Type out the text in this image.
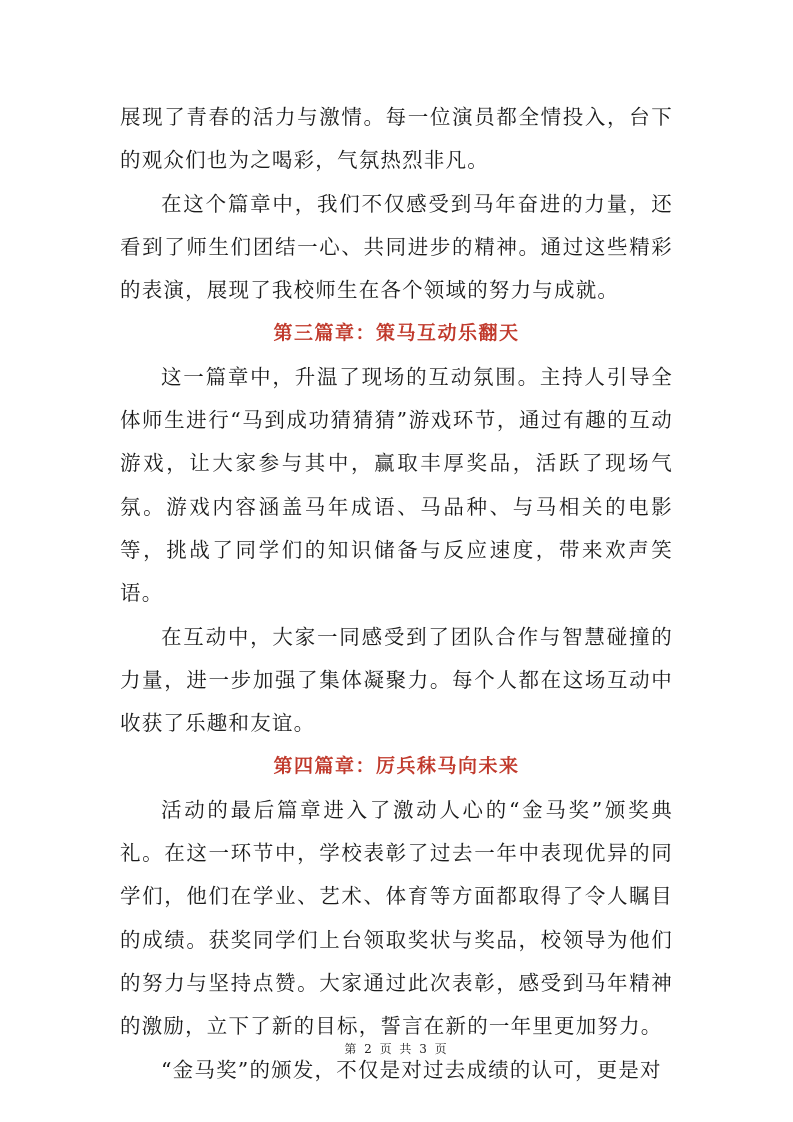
展现了青春的活力与激情。每一位演员都全情投入，台下的观众们也为之喝彩，气氛热烈非凡。

在这个篇章中，我们不仅感受到马年奋进的力量，还看到了师生们团结一心、共同进步的精神。通过这些精彩的表演，展现了我校师生在各个领域的努力与成就。

第三篇章：策马互动乐翻天

这一篇章中，升温了现场的互动氛围。主持人引导全体师生进行“马到成功猜猜猜”游戏环节，通过有趣的互动游戏，让大家参与其中，赢取丰厚奖品，活跃了现场气氛。游戏内容涵盖马年成语、马品种、与马相关的电影等，挑战了同学们的知识储备与反应速度，带来欢声笑语。

在互动中，大家一同感受到了团队合作与智慧碰撞的力量，进一步加强了集体凝聚力。每个人都在这场互动中收获了乐趣和友谊。

第四篇章：厉兵秣马向未来

活动的最后篇章进入了激动人心的“金马奖”颁奖典礼。在这一环节中，学校表彰了过去一年中表现优异的同学们，他们在学业、艺术、体育等方面都取得了令人瞩目的成绩。获奖同学们上台领取奖状与奖品，校领导为他们的努力与坚持点赞。大家通过此次表彰，感受到马年精神的激励，立下了新的目标，誓言在新的一年里更加努力。

“金马奖”的颁发，不仅是对过去成绩的认可，更是对

第 2 页 共 3 页
